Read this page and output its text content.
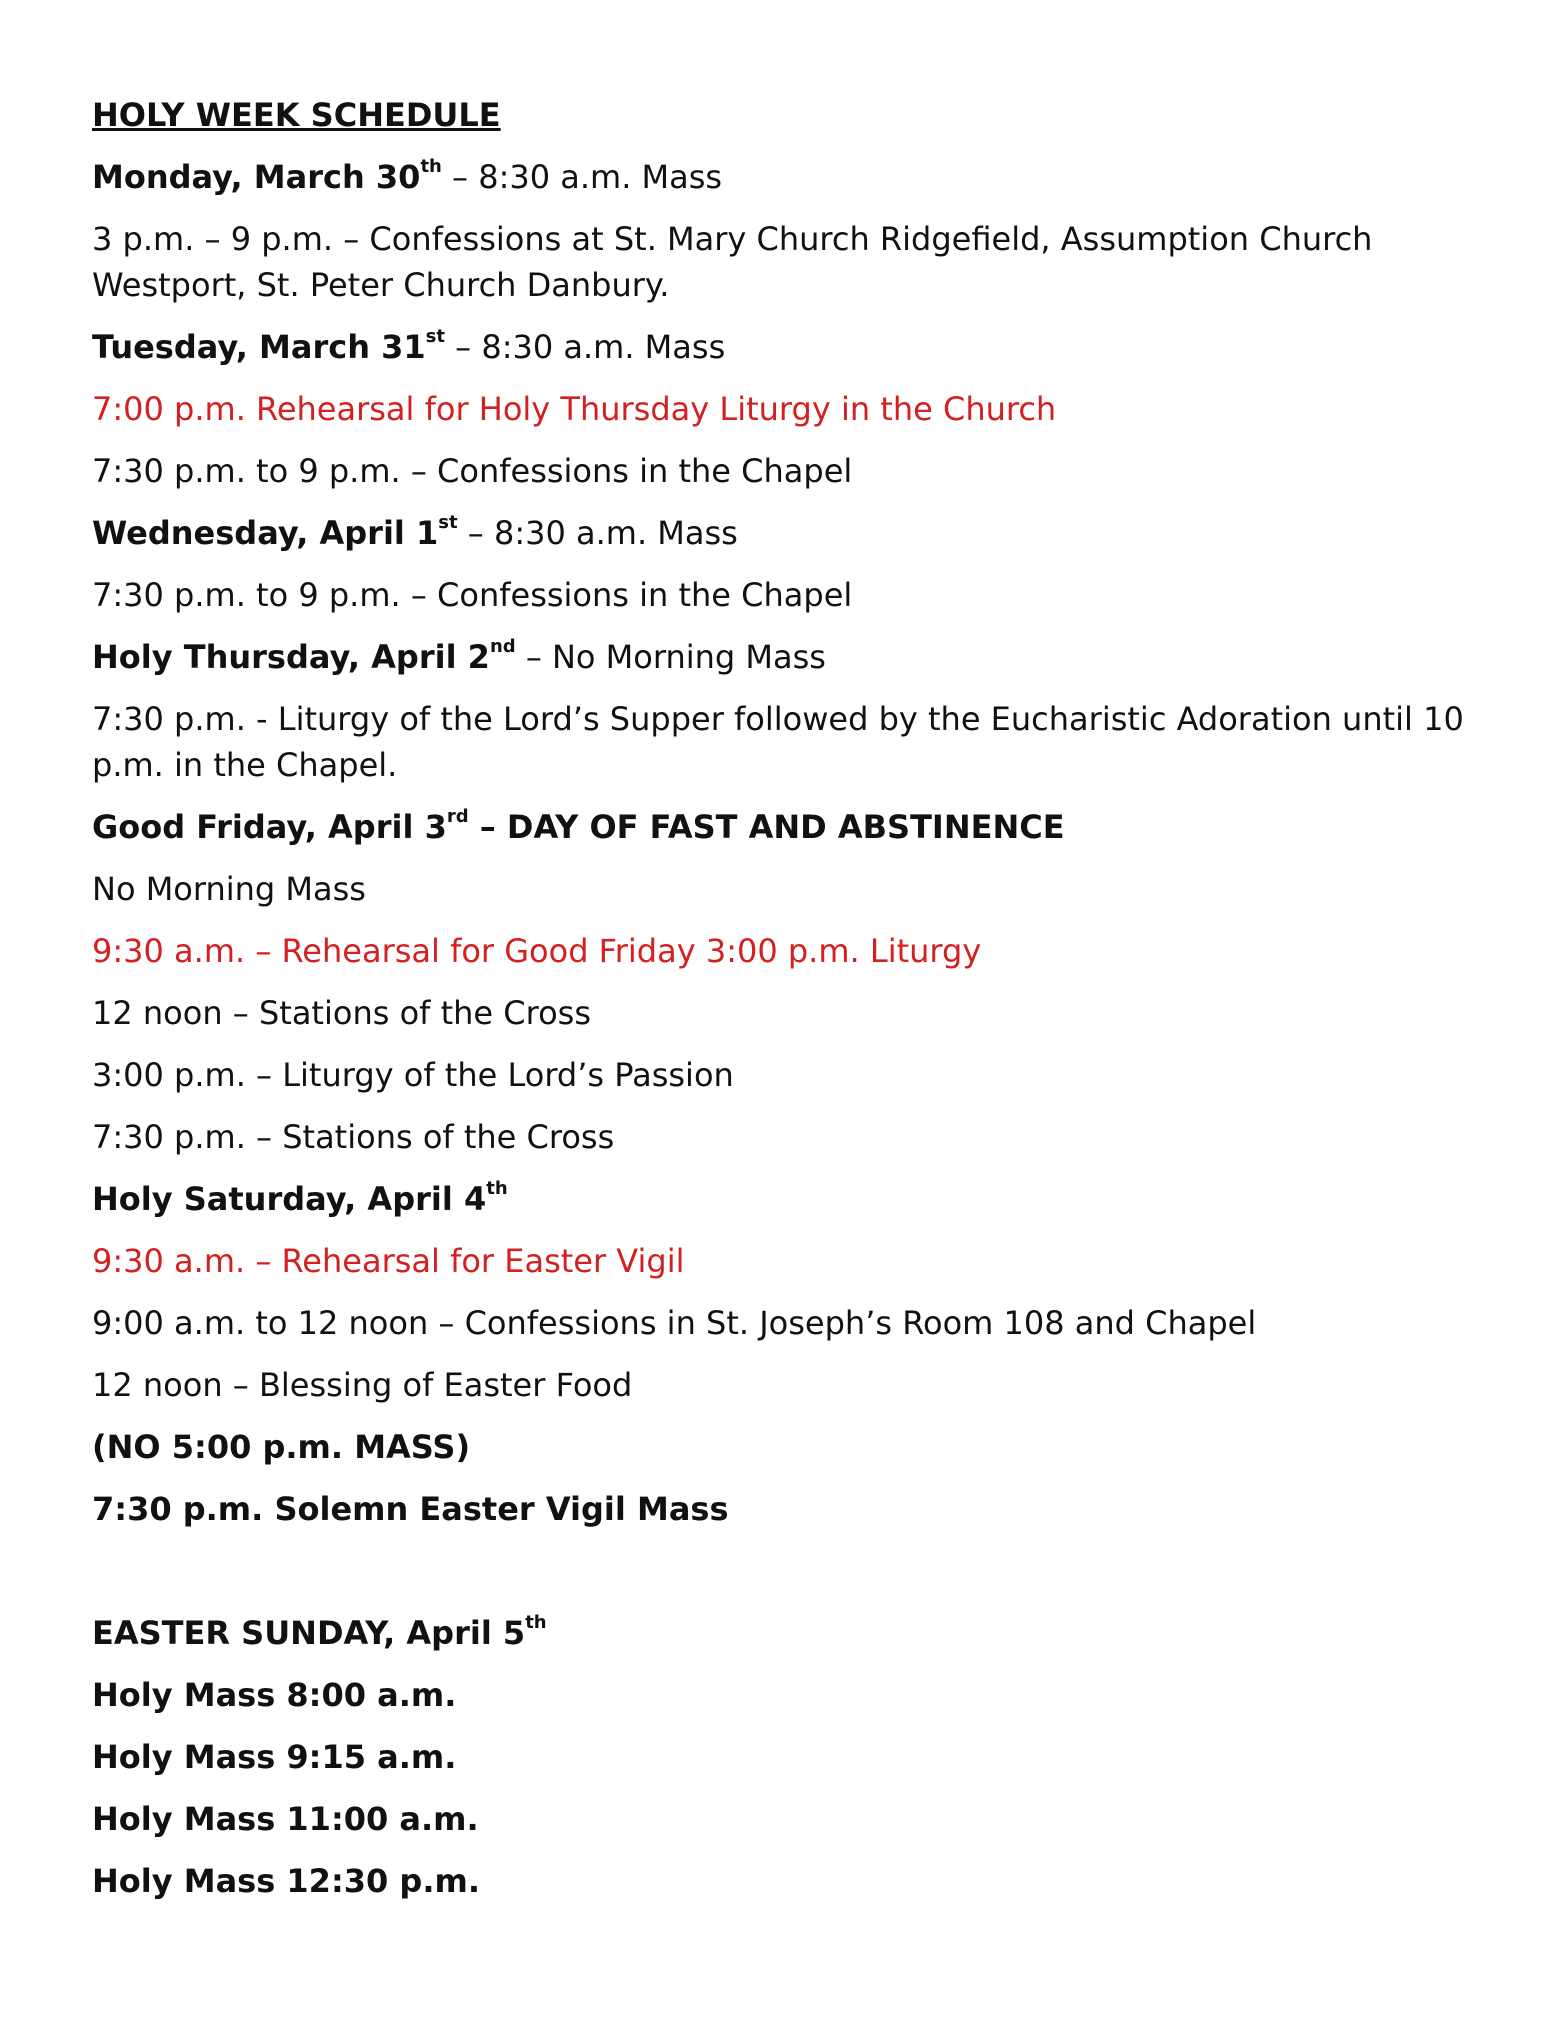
HOLY WEEK SCHEDULE
Monday, March 30th – 8:30 a.m. Mass
3 p.m. – 9 p.m. – Confessions at St. Mary Church Ridgefield, Assumption Church Westport, St. Peter Church Danbury.
Tuesday, March 31st – 8:30 a.m. Mass
7:00 p.m. Rehearsal for Holy Thursday Liturgy in the Church
7:30 p.m. to 9 p.m. – Confessions in the Chapel
Wednesday, April 1st – 8:30 a.m. Mass
7:30 p.m. to 9 p.m. – Confessions in the Chapel
Holy Thursday, April 2nd – No Morning Mass
7:30 p.m. - Liturgy of the Lord’s Supper followed by the Eucharistic Adoration until 10 p.m. in the Chapel.
Good Friday, April 3rd – DAY OF FAST AND ABSTINENCE
No Morning Mass
9:30 a.m. – Rehearsal for Good Friday 3:00 p.m. Liturgy
12 noon – Stations of the Cross
3:00 p.m. – Liturgy of the Lord’s Passion
7:30 p.m. – Stations of the Cross
Holy Saturday, April 4th
9:30 a.m. – Rehearsal for Easter Vigil
9:00 a.m. to 12 noon – Confessions in St. Joseph’s Room 108 and Chapel
12 noon – Blessing of Easter Food
(NO 5:00 p.m. MASS)
7:30 p.m. Solemn Easter Vigil Mass
EASTER SUNDAY, April 5th
Holy Mass 8:00 a.m.
Holy Mass 9:15 a.m.
Holy Mass 11:00 a.m.
Holy Mass 12:30 p.m.
